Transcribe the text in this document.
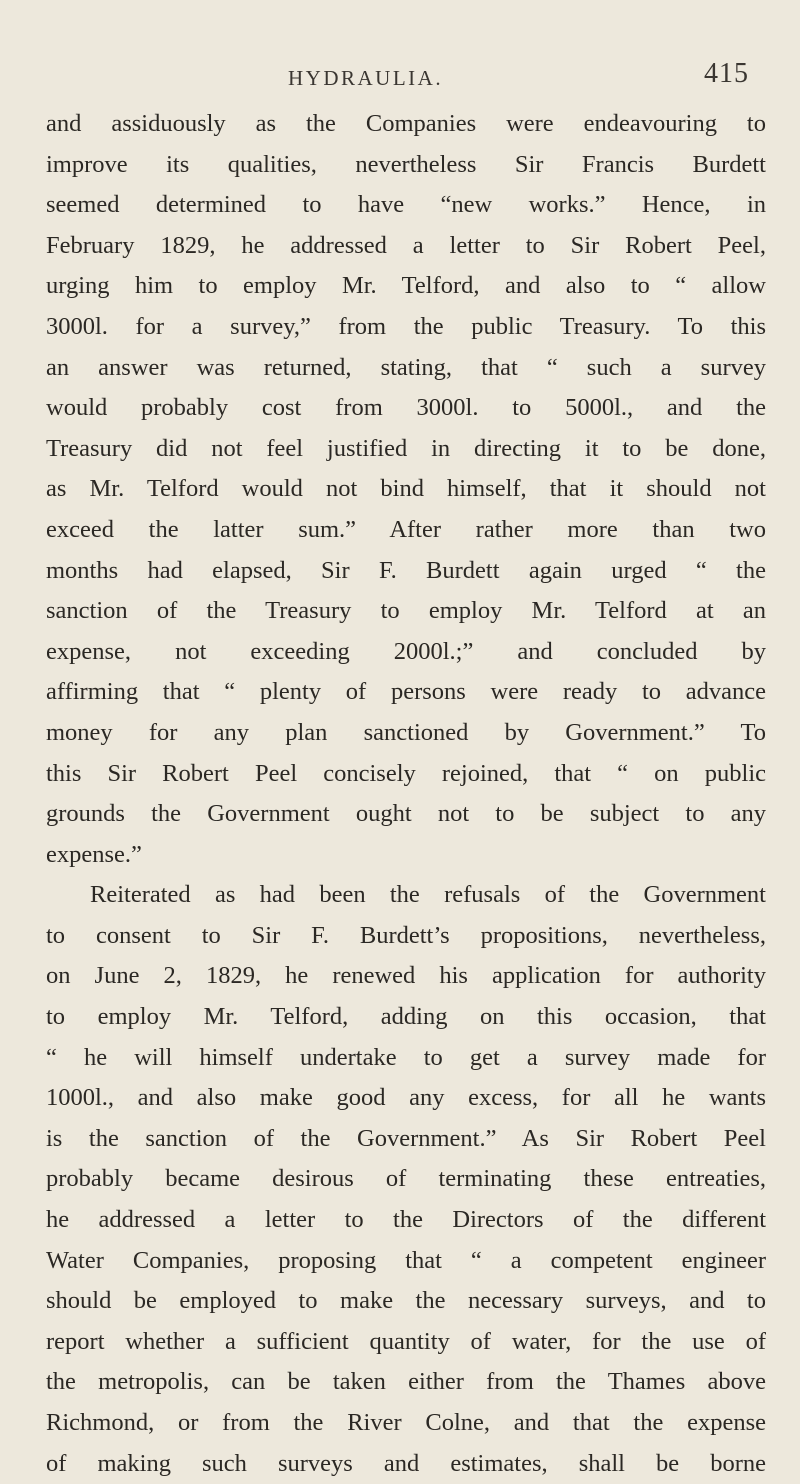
HYDRAULIA.	415
and assiduously as the Companies were endeavouring to
improve its qualities, nevertheless Sir Francis Burdett
seemed determined to have “new works.” Hence, in
February 1829, he addressed a letter to Sir Robert Peel,
urging him to employ Mr. Telford, and also to “ allow
3000l. for a survey,” from the public Treasury. To this
an answer was returned, stating, that “ such a survey
would probably cost from 3000l. to 5000l., and the
Treasury did not feel justified in directing it to be done,
as Mr. Telford would not bind himself, that it should not
exceed the latter sum.” After rather more than two
months had elapsed, Sir F. Burdett again urged “ the
sanction of the Treasury to employ Mr. Telford at an
expense, not exceeding 2000l.;” and concluded by
affirming that “ plenty of persons were ready to advance
money for any plan sanctioned by Government.” To
this Sir Robert Peel concisely rejoined, that “ on public
grounds the Government ought not to be subject to any
expense.”
Reiterated as had been the refusals of the Government
to consent to Sir F. Burdett’s propositions, nevertheless,
on June 2, 1829, he renewed his application for authority
to employ Mr. Telford, adding on this occasion, that
“ he will himself undertake to get a survey made for
1000l., and also make good any excess, for all he wants
is the sanction of the Government.” As Sir Robert Peel
probably became desirous of terminating these entreaties,
he addressed a letter to the Directors of the different
Water Companies, proposing that “ a competent engineer
should be employed to make the necessary surveys, and to
report whether a sufficient quantity of water, for the use of
the metropolis, can be taken either from the Thames above
Richmond, or from the River Colne, and that the expense
of making such surveys and estimates, shall be borne
